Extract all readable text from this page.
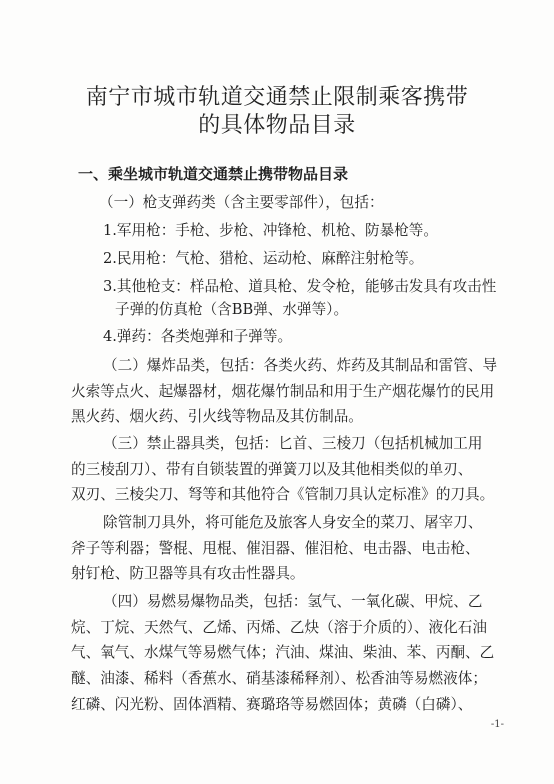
南宁市城市轨道交通禁止限制乘客携带
的具体物品目录
一、乘坐城市轨道交通禁止携带物品目录
（一）枪支弹药类（含主要零部件），包括：
1.军用枪：手枪、步枪、冲锋枪、机枪、防暴枪等。
2.民用枪：气枪、猎枪、运动枪、麻醉注射枪等。
3.其他枪支：样品枪、道具枪、发令枪，能够击发具有攻击性
子弹的仿真枪（含BB弹、水弹等）。
4.弹药：各类炮弹和子弹等。
（二）爆炸品类，包括：各类火药、炸药及其制品和雷管、导
火索等点火、起爆器材，烟花爆竹制品和用于生产烟花爆竹的民用
黑火药、烟火药、引火线等物品及其仿制品。
（三）禁止器具类，包括：匕首、三棱刀（包括机械加工用
的三棱刮刀）、带有自锁装置的弹簧刀以及其他相类似的单刃、
双刃、三棱尖刀、弩等和其他符合《管制刀具认定标准》的刀具。
除管制刀具外，将可能危及旅客人身安全的菜刀、屠宰刀、
斧子等利器；警棍、甩棍、催泪器、催泪枪、电击器、电击枪、
射钉枪、防卫器等具有攻击性器具。
（四）易燃易爆物品类，包括：氢气、一氧化碳、甲烷、乙
烷、丁烷、天然气、乙烯、丙烯、乙炔（溶于介质的）、液化石油
气、氧气、水煤气等易燃气体；汽油、煤油、柴油、苯、丙酮、乙
醚、油漆、稀料（香蕉水、硝基漆稀释剂）、松香油等易燃液体；
红磷、闪光粉、固体酒精、赛璐珞等易燃固体；黄磷（白磷）、
-1-
